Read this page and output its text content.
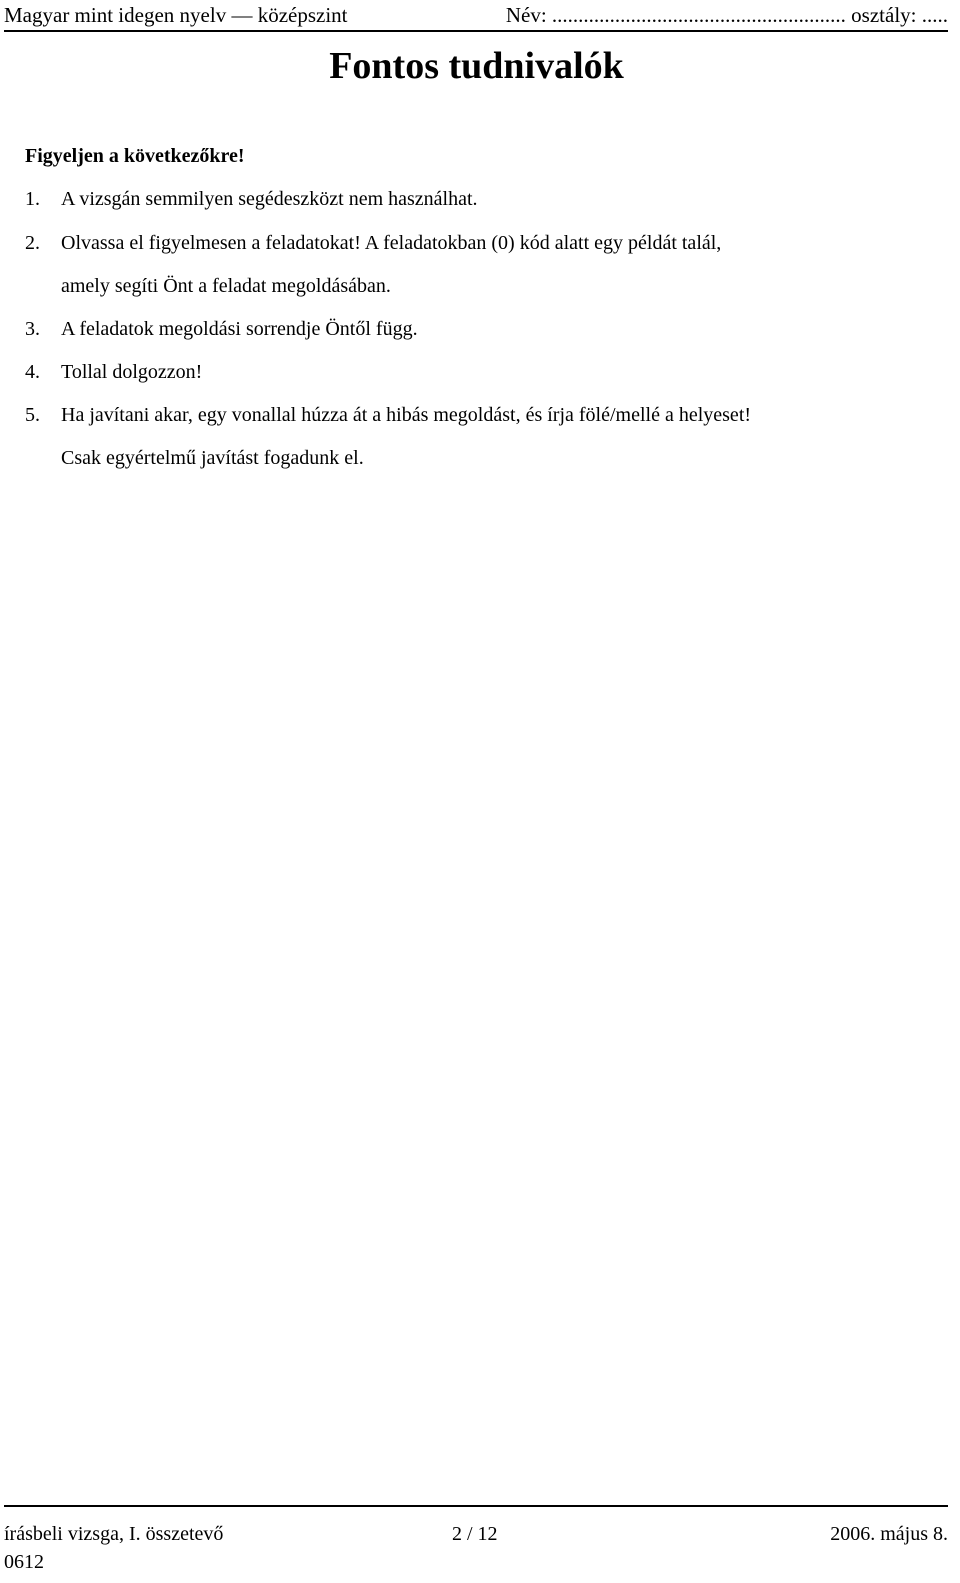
Magyar mint idegen nyelv — középszint	Név: ........................................................ osztály: .....
Fontos tudnivalók
Figyeljen a következőkre!
1. A vizsgán semmilyen segédeszközt nem használhat.
2. Olvassa el figyelmesen a feladatokat! A feladatokban (0) kód alatt egy példát talál,
amely segíti Önt a feladat megoldásában.
3. A feladatok megoldási sorrendje Öntől függ.
4. Tollal dolgozzon!
5. Ha javítani akar, egy vonallal húzza át a hibás megoldást, és írja fölé/mellé a helyeset!
Csak egyértelmű javítást fogadunk el.
írásbeli vizsga, I. összetevő	2 / 12	2006. május 8.
0612
